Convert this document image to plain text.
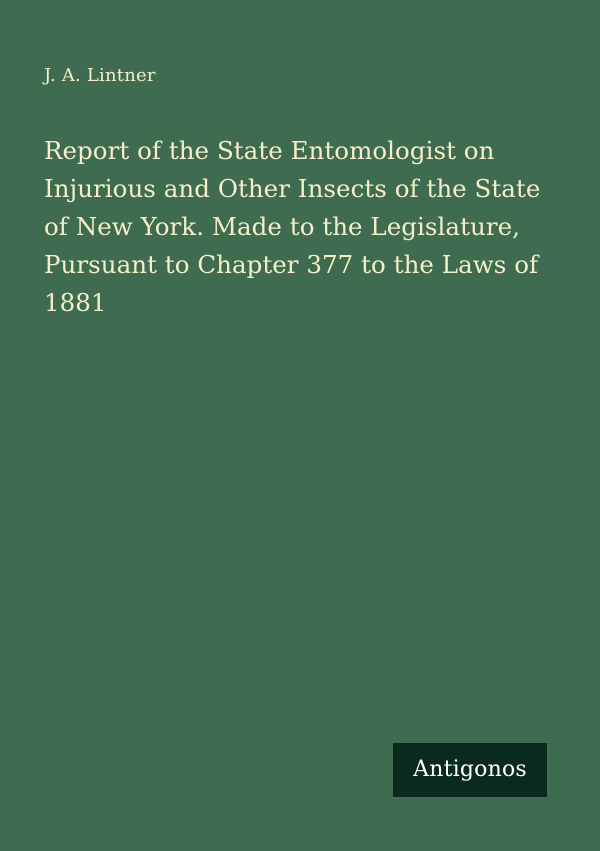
J. A. Lintner

Report of the State Entomologist on Injurious and Other Insects of the State of New York. Made to the Legislature, Pursuant to Chapter 377 to the Laws of 1881
Antigonos
